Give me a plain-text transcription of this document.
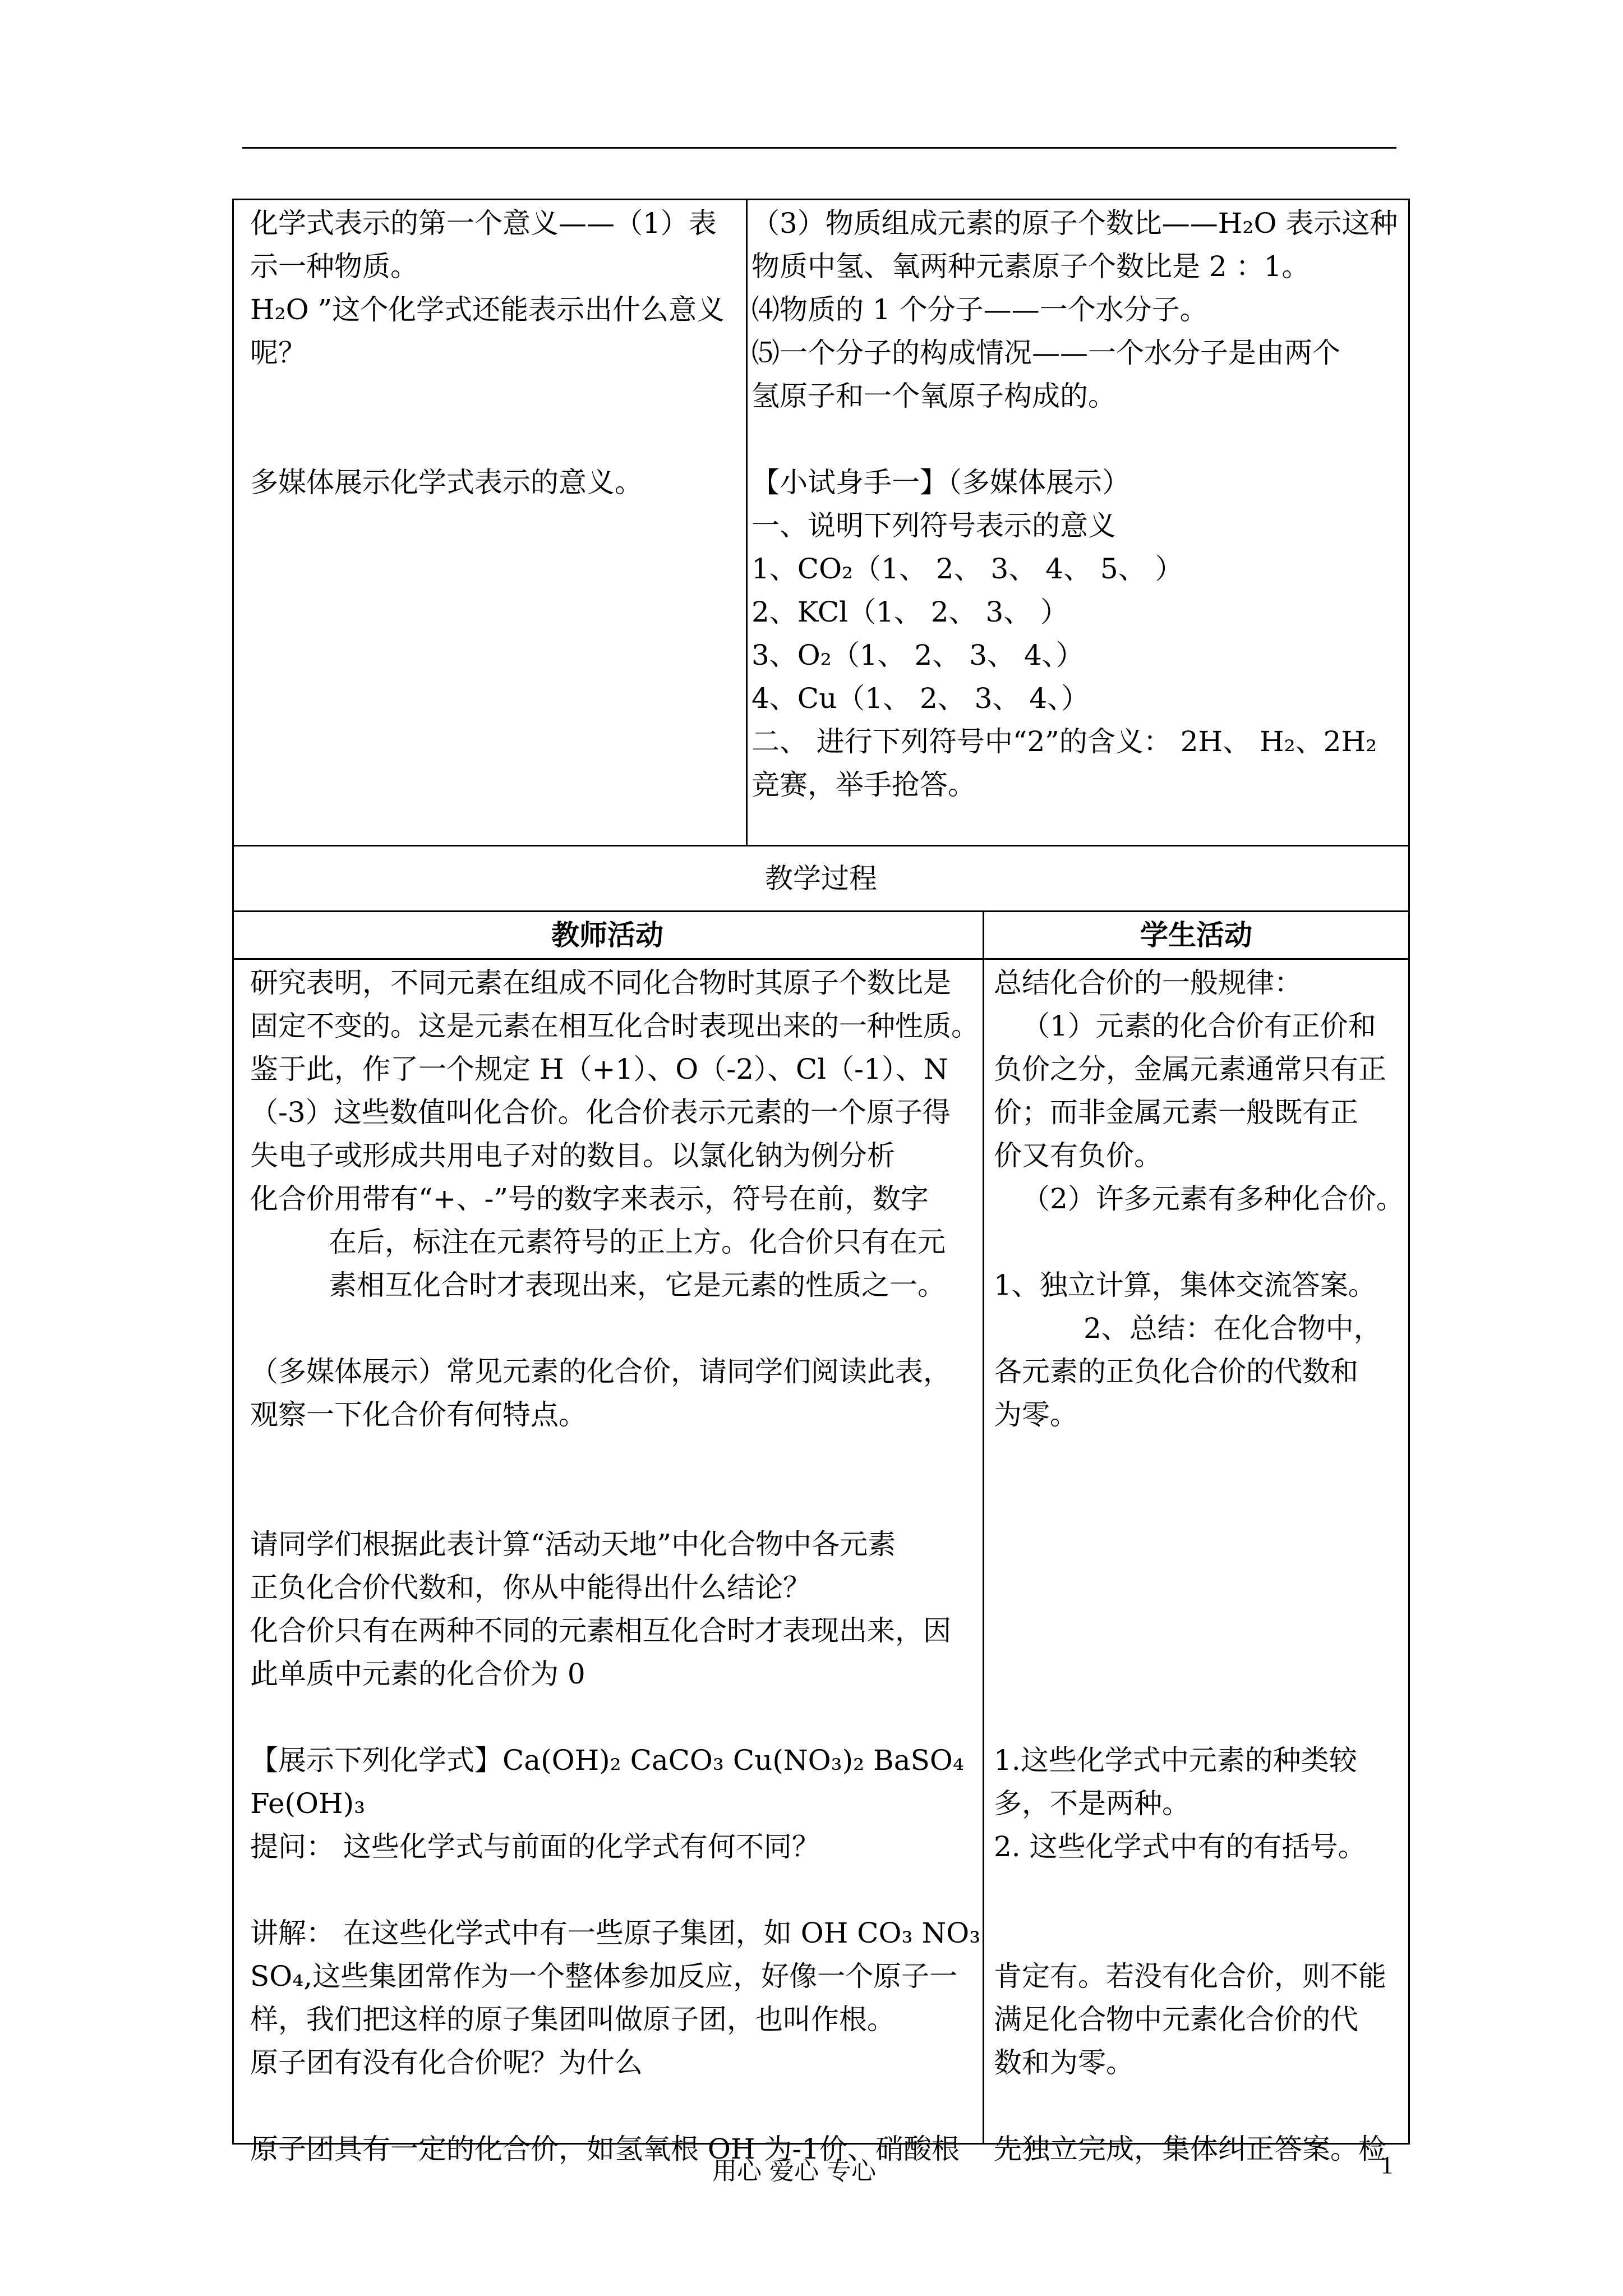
化学式表示的第一个意义——（1）表
示一种物质。
H₂O ”这个化学式还能表示出什么意义
呢？
多媒体展示化学式表示的意义。
（3）物质组成元素的原子个数比——H₂O 表示这种
物质中氢、氧两种元素原子个数比是 2 ：1。
⑷物质的 1 个分子——一个水分子。
⑸一个分子的构成情况——一个水分子是由两个
氢原子和一个氧原子构成的。
【小试身手一】（多媒体展示）
一、说明下列符号表示的意义
1、CO₂（1、 2、 3、 4、 5、 ）
2、KCl（1、 2、 3、 ）
3、O₂（1、 2、 3、 4、）
4、Cu（1、 2、 3、 4、）
二、 进行下列符号中“2”的含义： 2H、 H₂、2H₂
竞赛，举手抢答。
教学过程
教师活动	学生活动
研究表明，不同元素在组成不同化合物时其原子个数比是
固定不变的。这是元素在相互化合时表现出来的一种性质。
鉴于此，作了一个规定 H（+1）、O（-2）、Cl（-1）、N
（-3）这些数值叫化合价。化合价表示元素的一个原子得
失电子或形成共用电子对的数目。以氯化钠为例分析
化合价用带有“+、-”号的数字来表示，符号在前，数字
在后，标注在元素符号的正上方。化合价只有在元
素相互化合时才表现出来，它是元素的性质之一。
（多媒体展示）常见元素的化合价，请同学们阅读此表，
观察一下化合价有何特点。
请同学们根据此表计算“活动天地”中化合物中各元素
正负化合价代数和，你从中能得出什么结论？
化合价只有在两种不同的元素相互化合时才表现出来，因
此单质中元素的化合价为 0
【展示下列化学式】Ca(OH)₂ CaCO₃ Cu(NO₃)₂ BaSO₄
Fe(OH)₃
提问： 这些化学式与前面的化学式有何不同？
讲解： 在这些化学式中有一些原子集团，如 OH CO₃ NO₃
SO₄,这些集团常作为一个整体参加反应，好像一个原子一
样，我们把这样的原子集团叫做原子团，也叫作根。
原子团有没有化合价呢？为什么
原子团具有一定的化合价，如氢氧根 OH 为-1价、硝酸根
总结化合价的一般规律：
（1）元素的化合价有正价和
负价之分，金属元素通常只有正
价；而非金属元素一般既有正
价又有负价。
（2）许多元素有多种化合价。
1、独立计算，集体交流答案。
2、总结：在化合物中，
各元素的正负化合价的代数和
为零。
1.这些化学式中元素的种类较
多，不是两种。
2. 这些化学式中有的有括号。
肯定有。若没有化合价，则不能
满足化合物中元素化合价的代
数和为零。
先独立完成，集体纠正答案。检
用心 爱心 专心	1
